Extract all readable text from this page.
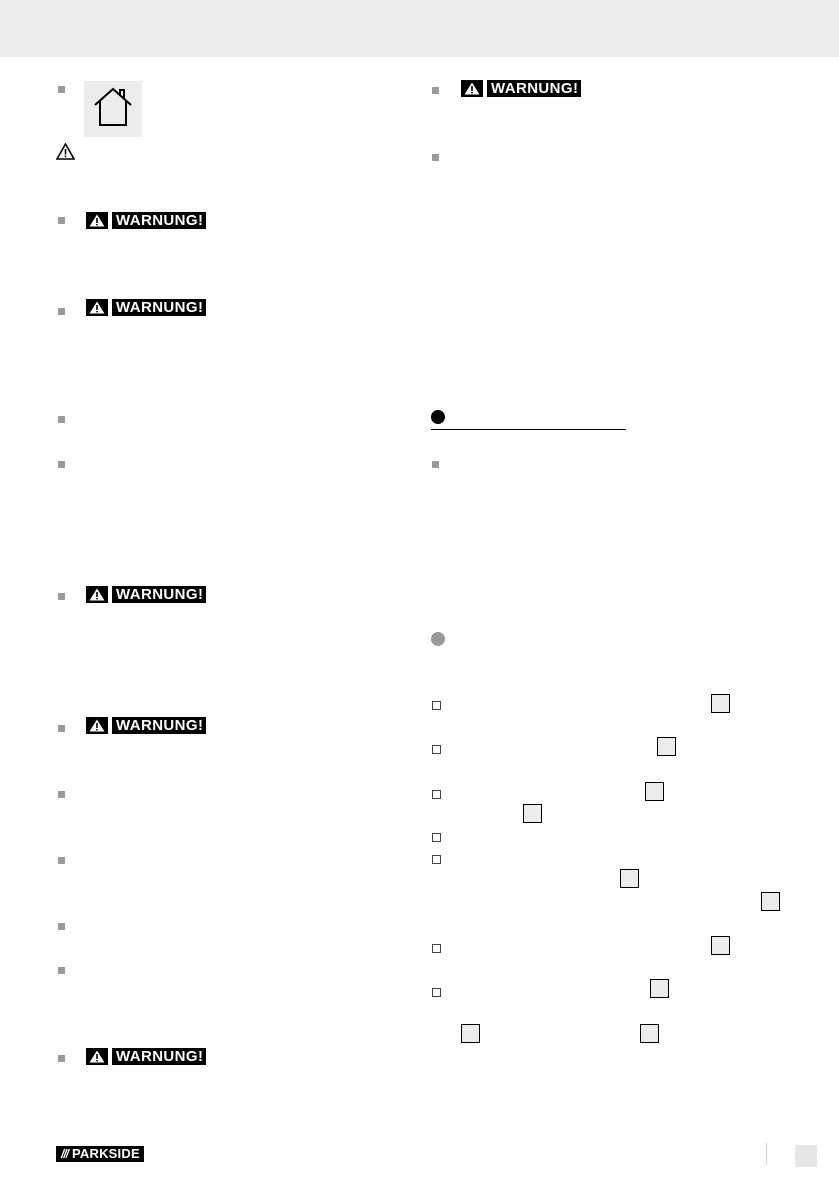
WARNUNG!
WARNUNG!
WARNUNG!
WARNUNG!
WARNUNG!
WARNUNG!
/// PARKSIDE
